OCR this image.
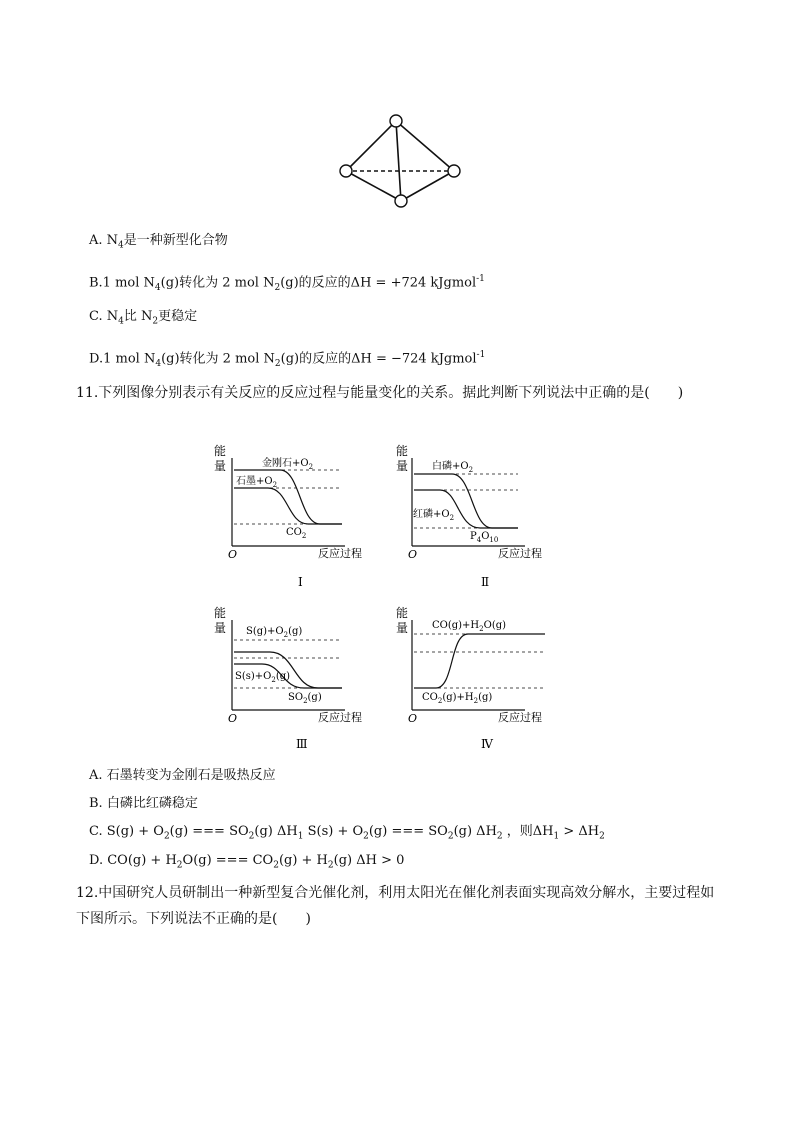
A. $N_4$是一种新型化合物
B.1 mol $N_4(g)$转化为 2 mol $N_2(g)$的反应的ΔH = +724 kJgmol$^{-1}$
C. $N_4$比 $N_2$更稳定
D.1 mol $N_4(g)$转化为 2 mol $N_2(g)$的反应的ΔH = −724 kJgmol$^{-1}$
11.下列图像分别表示有关反应的反应过程与能量变化的关系。据此判断下列说法中正确的是(　　)
能
量
O	反应过程
金刚石$+O_2$
石墨$+O_2$
$CO_2$
Ⅰ
能
量
O	反应过程
白磷$+O_2$
红磷$+O_2$
$P_4O_{10}$
Ⅱ
能
量
O	反应过程
$S(g)+O_2(g)$
$S(s)+O_2(g)$
$SO_2(g)$
Ⅲ
能
量
O	反应过程
$CO(g)+H_2O(g)$
$CO_2(g)+H_2(g)$
Ⅳ
A. 石墨转变为金刚石是吸热反应
B. 白磷比红磷稳定
C. $S(g) + O_2(g)$ === $SO_2(g)$ $\Delta H_1$ $S(s) + O_2(g)$ === $SO_2(g)$ $\Delta H_2$ ，则$\Delta H_1 > \Delta H_2$
D. $CO(g) + H_2O(g)$ === $CO_2(g) + H_2(g) \Delta H > 0$
12.中国研究人员研制出一种新型复合光催化剂，利用太阳光在催化剂表面实现高效分解水，主要过程如下图所示。下列说法不正确的是(　　)
